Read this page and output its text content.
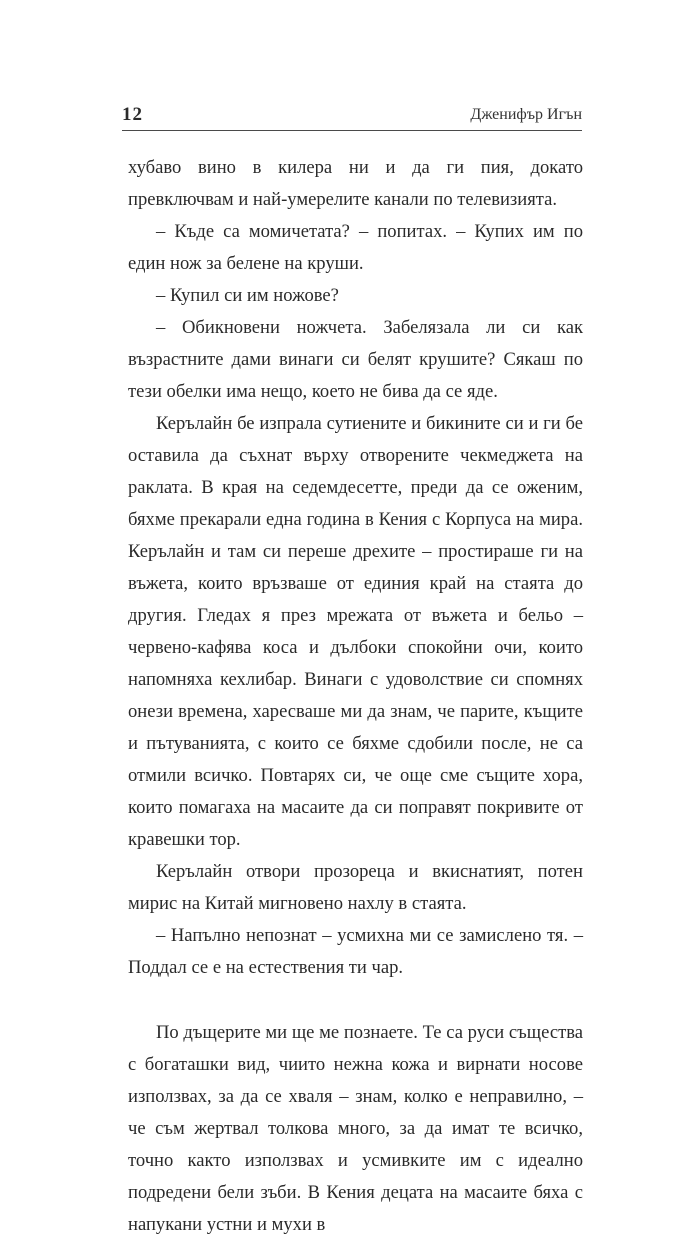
12	Дженифър Игън

хубаво вино в килера ни и да ги пия, докато превключвам и най-умерелите канали по телевизията.

– Къде са момичетата? – попитах. – Купих им по един нож за белене на круши.

– Купил си им ножове?

– Обикновени ножчета. Забелязала ли си как възрастните дами винаги си белят крушите? Сякаш по тези обелки има нещо, което не бива да се яде.

Керълайн бе изпрала сутиените и бикините си и ги бе оставила да съхнат върху отворените чекмеджета на раклата. В края на седемдесетте, преди да се оженим, бяхме прекарали една година в Кения с Корпуса на мира. Керълайн и там си переше дрехите – простираше ги на въжета, които връзваше от единия край на стаята до другия. Гледах я през мрежата от въжета и бельо – червено-кафява коса и дълбоки спокойни очи, които напомняха кехлибар. Винаги с удоволствие си спомнях онези времена, харесваше ми да знам, че парите, къщите и пътуванията, с които се бяхме сдобили после, не са отмили всичко. Повтарях си, че още сме същите хора, които помагаха на масаите да си поправят покривите от кравешки тор.

Керълайн отвори прозореца и вкиснатият, потен мирис на Китай мигновено нахлу в стаята.

– Напълно непознат – усмихна ми се замислено тя. – Поддал се е на естествения ти чар.

По дъщерите ми ще ме познаете. Те са руси същества с богаташки вид, чиито нежна кожа и вирнати носове използвах, за да се хваля – знам, колко е неправилно, – че съм жертвал толкова много, за да имат те всичко, точно както използвах и усмивките им с идеално подредени бели зъби. В Кения децата на масаите бяха с напукани устни и мухи в
